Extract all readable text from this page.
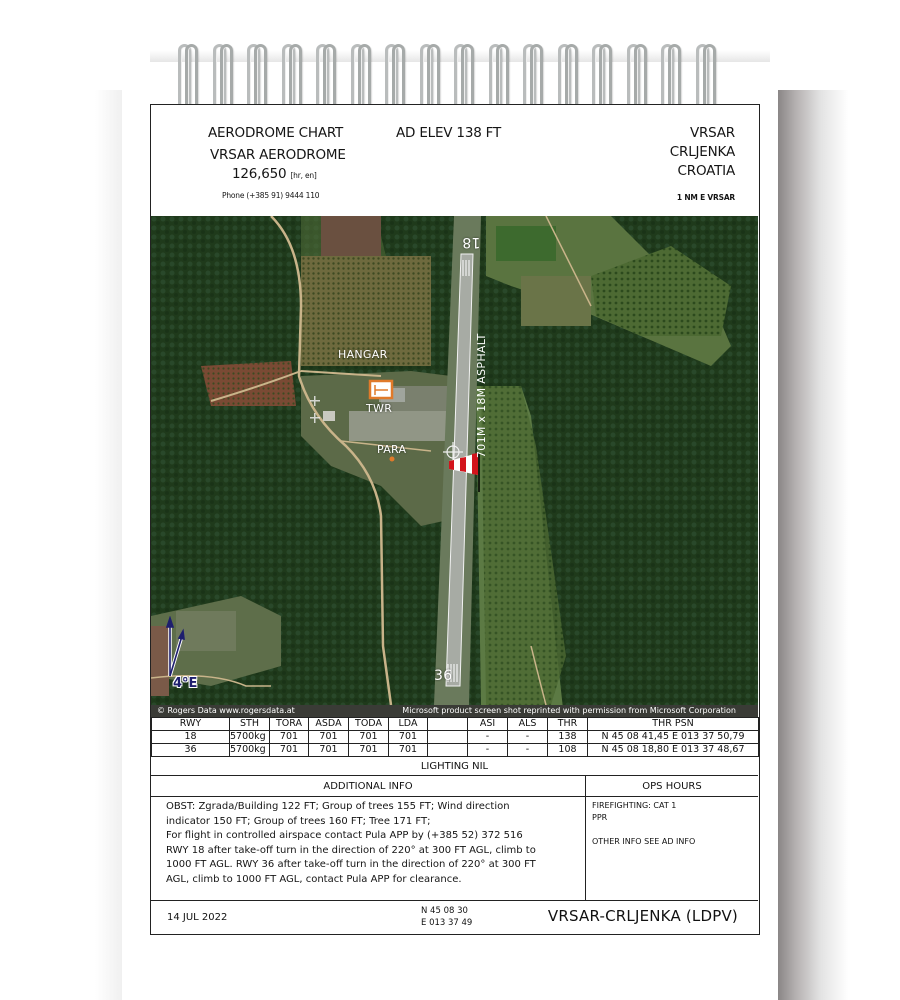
AERODROME CHART
VRSAR AERODROME
126,650 [hr, en]
Phone (+385 91) 9444 110
AD ELEV 138 FT	VRSAR
CRLJENKA
CROATIA
1 NM E VRSAR
HANGAR
TWR
PARA
18
36
701M x 18M ASPHALT
4°E
© Rogers Data www.rogersdata.at	Microsoft product screen shot reprinted with permission from Microsoft Corporation
RWY	STH	TORA	ASDA	TODA	LDA		ASI	ALS	THR	THR PSN
18	5700kg	701	701	701	701		-	-	138	N 45 08 41,45 E 013 37 50,79
36	5700kg	701	701	701	701		-	-	108	N 45 08 18,80 E 013 37 48,67
LIGHTING NIL
ADDITIONAL INFO	OPS HOURS
OBST: Zgrada/Building 122 FT; Group of trees 155 FT; Wind direction
indicator 150 FT; Group of trees 160 FT; Tree 171 FT;
For flight in controlled airspace contact Pula APP by (+385 52) 372 516
RWY 18 after take-off turn in the direction of 220° at 300 FT AGL, climb to
1000 FT AGL. RWY 36 after take-off turn in the direction of 220° at 300 FT
AGL, climb to 1000 FT AGL, contact Pula APP for clearance.
FIREFIGHTING: CAT 1
PPR
OTHER INFO SEE AD INFO
14 JUL 2022
N 45 08 30
E 013 37 49	VRSAR-CRLJENKA (LDPV)
